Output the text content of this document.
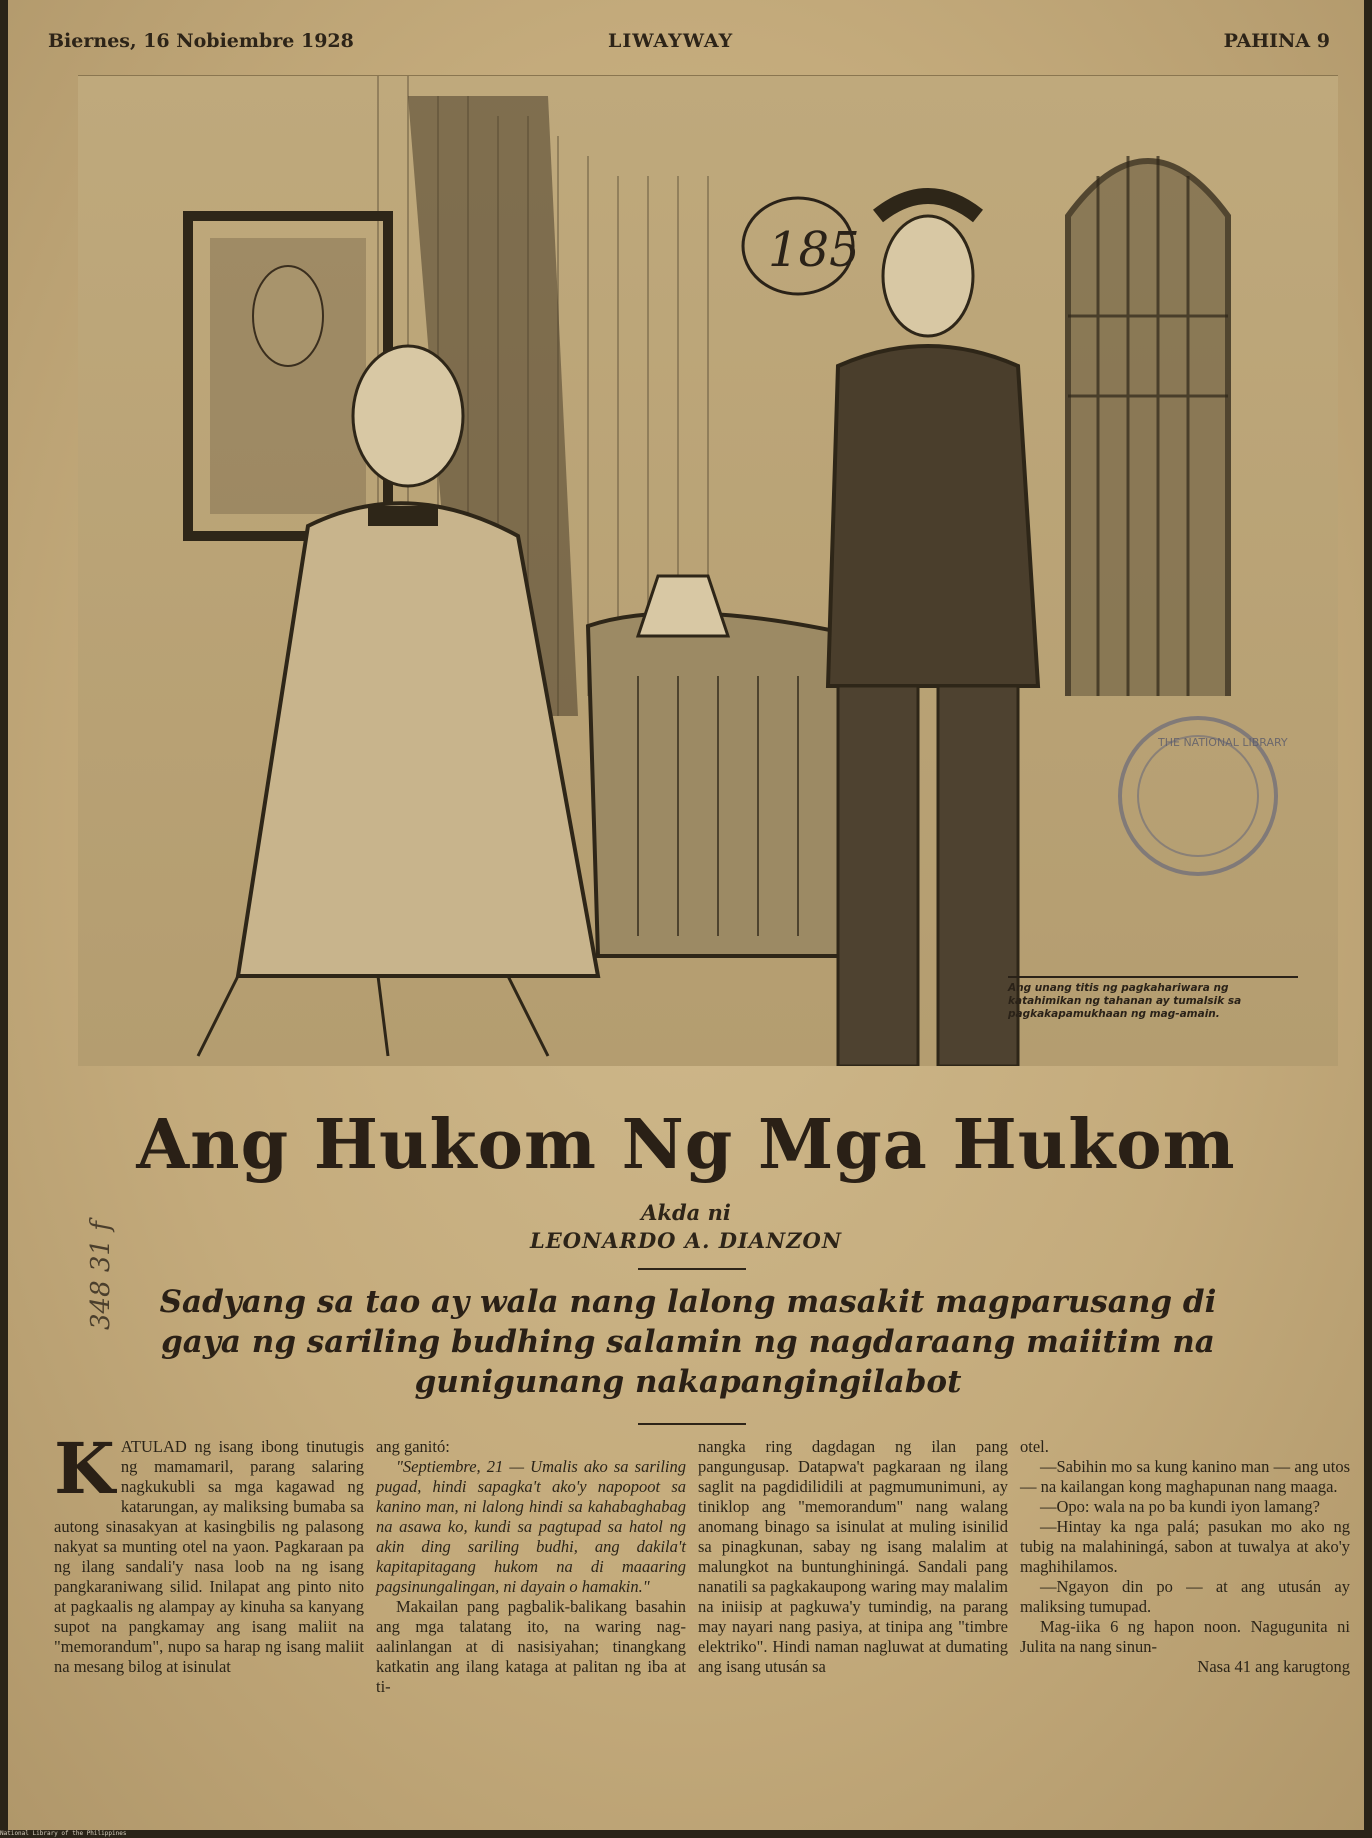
Biernes, 16 Nobiembre 1928	LIWAYWAY	PAHINA 9
185
THE NATIONAL LIBRARY
Ang unang titis ng pagkahariwara ng katahimikan ng tahanan ay tumalsik sa pagkakapamukhaan ng mag-amain.
Ang Hukom Ng Mga Hukom
Akda ni
LEONARDO A. DIANZON
Sadyang sa tao ay wala nang lalong masakit magparusang di gaya ng sariling budhing salamin ng nagdaraang maiitim na gunigunang nakapangingilabot
348 31 f
K ATULAD ng isang ibong tinutugis ng mamamaril, parang salaring nagkukubli sa mga kagawad ng katarungan, ay maliksing bumaba sa autong sinasakyan at kasingbilis ng palasong nakyat sa munting otel na yaon. Pagkaraan pa ng ilang sandali'y nasa loob na ng isang pangkaraniwang silid. Inilapat ang pinto nito at pagkaalis ng alampay ay kinuha sa kanyang supot na pangkamay ang isang maliit na "memorandum", nupo sa harap ng isang maliit na mesang bilog at isinulat

ang ganitó:

"Septiembre, 21 — Umalis ako sa sariling pugad, hindi sapagka't ako'y napopoot sa kanino man, ni lalong hindi sa kahabaghabag na asawa ko, kundi sa pagtupad sa hatol ng akin ding sariling budhi, ang dakila't kapitapitagang hukom na di maaaring pagsinungalingan, ni dayain o hamakin."

Makailan pang pagbalik-balikang basahin ang mga talatang ito, na waring nag-aalinlangan at di nasisiyahan; tinangkang katkatin ang ilang kataga at palitan ng iba at ti-

nangka ring dagdagan ng ilan pang pangungusap. Datapwa't pagkaraan ng ilang saglit na pagdidilidili at pagmumunimuni, ay tiniklop ang "memorandum" nang walang anomang binago sa isinulat at muling isinilid sa pinagkunan, sabay ng isang malalim at malungkot na buntunghiningá. Sandali pang nanatili sa pagkakaupong waring may malalim na iniisip at pagkuwa'y tumindig, na parang may nayari nang pasiya, at tinipa ang "timbre elektriko". Hindi naman nagluwat at dumating ang isang utusán sa

otel.

—Sabihin mo sa kung kanino man — ang utos — na kailangan kong maghapunan nang maaga.

—Opo: wala na po ba kundi iyon lamang?

—Hintay ka nga palá; pasukan mo ako ng tubig na malahiningá, sabon at tuwalya at ako'y maghihilamos.

—Ngayon din po — at ang utusán ay maliksing tumupad.

Mag-iika 6 ng hapon noon. Nagugunita ni Julita na nang sinun-

Nasa 41 ang karugtong

National Library of the Philippines
